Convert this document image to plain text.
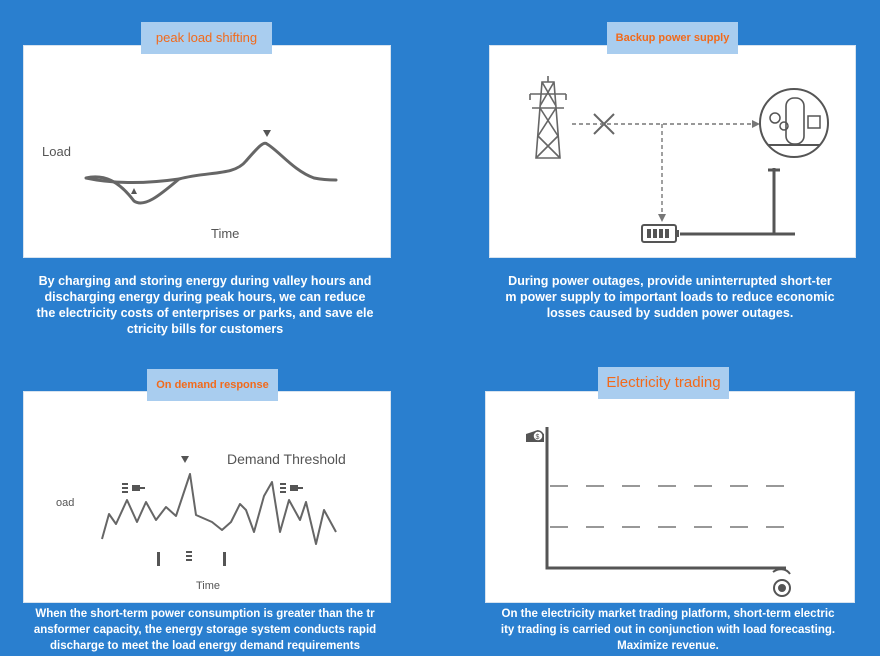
Load
Time
peak load shifting
By charging and storing energy during valley hours and
discharging energy during peak hours, we can reduce
the electricity costs of enterprises or parks, and save ele
ctricity bills for customers
Backup power supply
During power outages, provide uninterrupted short-ter
m power supply to important loads to reduce economic
losses caused by sudden power outages.
oad
Demand Threshold
Time
On demand response
When the short-term power consumption is greater than the tr
ansformer capacity, the energy storage system conducts rapid
discharge to meet the load energy demand requirements
$
Electricity trading
On the electricity market trading platform, short-term electric
ity trading is carried out in conjunction with load forecasting.
Maximize revenue.
